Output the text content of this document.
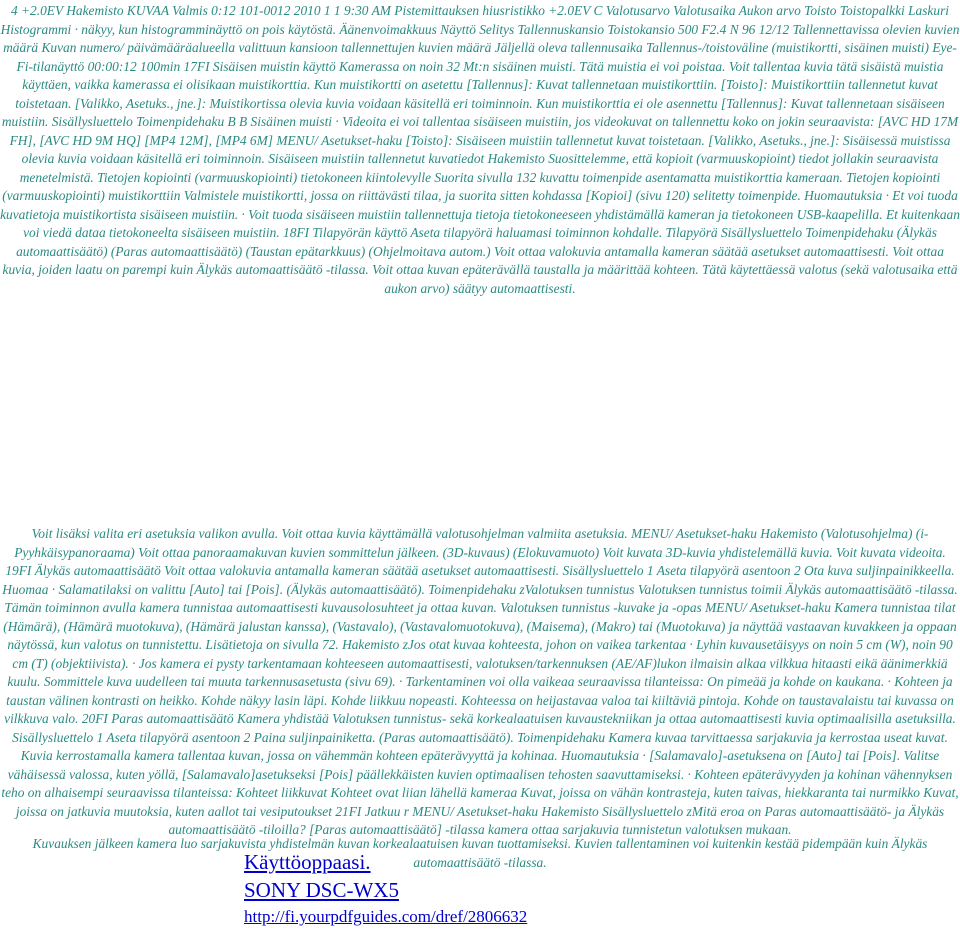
4 +2.0EV Hakemisto KUVAA Valmis 0:12 101-0012 2010 1 1 9:30 AM Pistemittauksen hiusristikko +2.0EV C Valotusarvo Valotusaika Aukon arvo Toisto Toistopalkki Laskuri Histogrammi · näkyy, kun histogramminäyttö on pois käytöstä. Äänenvoimakkuus Näyttö Selitys Tallennuskansio Toistokansio 500 F2.4 N 96 12/12 Tallennettavissa olevien kuvien määrä Kuvan numero/ päivämääräalueella valittuun kansioon tallennettujen kuvien määrä Jäljellä oleva tallennusaika Tallennus-/toistoväline (muistikortti, sisäinen muisti) Eye-Fi-tilanäyttö 00:00:12 100min 17FI Sisäisen muistin käyttö Kamerassa on noin 32 Mt:n sisäinen muisti. Tätä muistia ei voi poistaa. Voit tallentaa kuvia tätä sisäistä muistia käyttäen, vaikka kamerassa ei olisikaan muistikorttia. Kun muistikortti on asetettu [Tallennus]: Kuvat tallennetaan muistikorttiin. [Toisto]: Muistikorttiin tallennetut kuvat toistetaan. [Valikko, Asetuks., jne.]: Muistikortissa olevia kuvia voidaan käsitellä eri toiminnoin. Kun muistikorttia ei ole asennettu [Tallennus]: Kuvat tallennetaan sisäiseen muistiin. Sisällysluettelo Toimenpidehaku B B Sisäinen muisti · Videoita ei voi tallentaa sisäiseen muistiin, jos videokuvat on tallennettu koko on jokin seuraavista: [AVC HD 17M FH], [AVC HD 9M HQ] [MP4 12M], [MP4 6M] MENU/ Asetukset-haku [Toisto]: Sisäiseen muistiin tallennetut kuvat toistetaan. [Valikko, Asetuks., jne.]: Sisäisessä muistissa olevia kuvia voidaan käsitellä eri toiminnoin. Sisäiseen muistiin tallennetut kuvatiedot Hakemisto Suosittelemme, että kopioit (varmuuskopioint) tiedot jollakin seuraavista menetelmistä. Tietojen kopiointi (varmuuskopiointi) tietokoneen kiintolevylle Suorita sivulla 132 kuvattu toimenpide asentamatta muistikorttia kameraan. Tietojen kopiointi (varmuuskopiointi) muistikorttiin Valmistele muistikortti, jossa on riittävästi tilaa, ja suorita sitten kohdassa [Kopioi] (sivu 120) selitetty toimenpide. Huomautuksia · Et voi tuoda kuvatietoja muistikortista sisäiseen muistiin. · Voit tuoda sisäiseen muistiin tallennettuja tietoja tietokoneeseen yhdistämällä kameran ja tietokoneen USB-kaapelilla. Et kuitenkaan voi viedä dataa tietokoneelta sisäiseen muistiin. 18FI Tilapyörän käyttö Aseta tilapyörä haluamasi toiminnon kohdalle. Tilapyörä Sisällysluettelo Toimenpidehaku (Älykäs automaattisäätö) (Paras automaattisäätö) (Taustan epätarkkuus) (Ohjelmoitava autom.) Voit ottaa valokuvia antamalla kameran säätää asetukset automaattisesti. Voit ottaa kuvia, joiden laatu on parempi kuin Älykäs automaattisäätö -tilassa. Voit ottaa kuvan epäterävällä taustalla ja määrittää kohteen. Tätä käytettäessä valotus (sekä valotusaika että aukon arvo) säätyy automaattisesti.

Voit lisäksi valita eri asetuksia valikon avulla. Voit ottaa kuvia käyttämällä valotusohjelman valmiita asetuksia. MENU/ Asetukset-haku Hakemisto (Valotusohjelma) (i-Pyyhkäisypanoraama) Voit ottaa panoraamakuvan kuvien sommittelun jälkeen. (3D-kuvaus) (Elokuvamuoto) Voit kuvata 3D-kuvia yhdistelemällä kuvia. Voit kuvata videoita. 19FI Älykäs automaattisäätö Voit ottaa valokuvia antamalla kameran säätää asetukset automaattisesti. Sisällysluettelo 1 Aseta tilapyörä asentoon 2 Ota kuva suljinpainikkeella. Huomaa · Salamatilaksi on valittu [Auto] tai [Pois]. (Älykäs automaattisäätö). Toimenpidehaku zValotuksen tunnistus Valotuksen tunnistus toimii Älykäs automaattisäätö -tilassa. Tämän toiminnon avulla kamera tunnistaa automaattisesti kuvausolosuhteet ja ottaa kuvan. Valotuksen tunnistus -kuvake ja -opas MENU/ Asetukset-haku Kamera tunnistaa tilat (Hämärä), (Hämärä muotokuva), (Hämärä jalustan kanssa), (Vastavalo), (Vastavalomuotokuva), (Maisema), (Makro) tai (Muotokuva) ja näyttää vastaavan kuvakkeen ja oppaan näytössä, kun valotus on tunnistettu. Lisätietoja on sivulla 72. Hakemisto zJos otat kuvaa kohteesta, johon on vaikea tarkentaa · Lyhin kuvausetäisyys on noin 5 cm (W), noin 90 cm (T) (objektiivista). · Jos kamera ei pysty tarkentamaan kohteeseen automaattisesti, valotuksen/tarkennuksen (AE/AF)lukon ilmaisin alkaa vilkkua hitaasti eikä äänimerkkiä kuulu. Sommittele kuva uudelleen tai muuta tarkennusasetusta (sivu 69). · Tarkentaminen voi olla vaikeaa seuraavissa tilanteissa: On pimeää ja kohde on kaukana. · Kohteen ja taustan välinen kontrasti on heikko. Kohde näkyy lasin läpi. Kohde liikkuu nopeasti. Kohteessa on heijastavaa valoa tai kiiltäviä pintoja. Kohde on taustavalaistu tai kuvassa on vilkkuva valo. 20FI Paras automaattisäätö Kamera yhdistää Valotuksen tunnistus- sekä korkealaatuisen kuvaustekniikan ja ottaa automaattisesti kuvia optimaalisilla asetuksilla. Sisällysluettelo 1 Aseta tilapyörä asentoon 2 Paina suljinpainiketta. (Paras automaattisäätö). Toimenpidehaku Kamera kuvaa tarvittaessa sarjakuvia ja kerrostaa useat kuvat. Kuvia kerrostamalla kamera tallentaa kuvan, jossa on vähemmän kohteen epäterävyyttä ja kohinaa. Huomautuksia · [Salamavalo]-asetuksena on [Auto] tai [Pois]. Valitse vähäisessä valossa, kuten yöllä, [Salamavalo]asetukseksi [Pois] päällekkäisten kuvien optimaalisen tehosten saavuttamiseksi. · Kohteen epäterävyyden ja kohinan vähennyksen teho on alhaisempi seuraavissa tilanteissa: Kohteet liikkuvat Kohteet ovat liian lähellä kameraa Kuvat, joissa on vähän kontrasteja, kuten taivas, hiekkaranta tai nurmikko Kuvat, joissa on jatkuvia muutoksia, kuten aallot tai vesiputoukset 21FI Jatkuu r MENU/ Asetukset-haku Hakemisto Sisällysluettelo zMitä eroa on Paras automaattisäätö- ja Älykäs automaattisäätö -tiloilla? [Paras automaattisäätö] -tilassa kamera ottaa sarjakuvia tunnistetun valotuksen mukaan.

Kuvauksen jälkeen kamera luo sarjakuvista yhdistelmän kuvan korkealaatuisen kuvan tuottamiseksi. Kuvien tallentaminen voi kuitenkin kestää pidempään kuin Älykäs automaattisäätö -tilassa.

Käyttöoppaasi.
SONY DSC-WX5
http://fi.yourpdfguides.com/dref/2806632
